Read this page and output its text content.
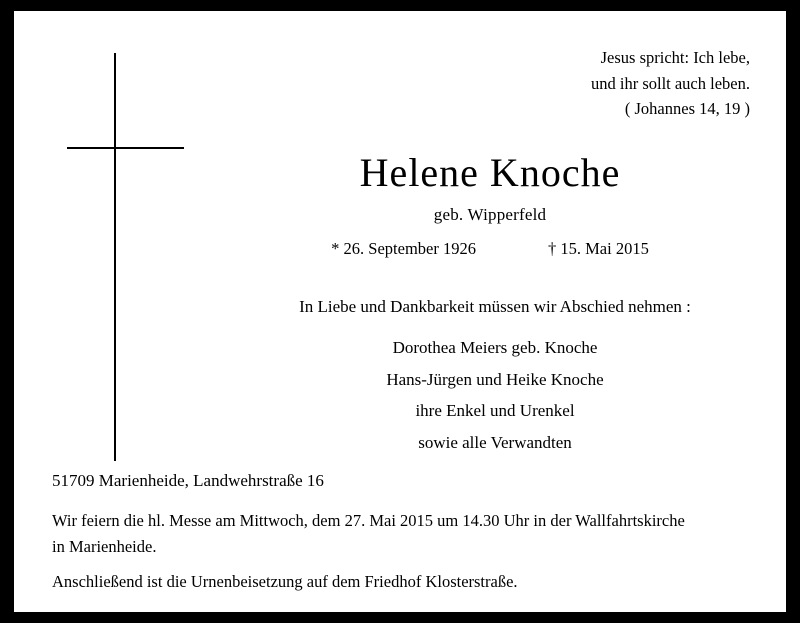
Jesus spricht: Ich lebe,
und ihr sollt auch leben.
( Johannes 14, 19 )
Helene Knoche
geb. Wipperfeld
* 26. September 1926	† 15. Mai 2015
In Liebe und Dankbarkeit müssen wir Abschied nehmen :
Dorothea Meiers geb. Knoche
Hans-Jürgen und Heike Knoche
ihre Enkel und Urenkel
sowie alle Verwandten
51709 Marienheide, Landwehrstraße 16
Wir feiern die hl. Messe am Mittwoch, dem 27. Mai 2015 um 14.30 Uhr in der Wallfahrtskirche
in Marienheide.
Anschließend ist die Urnenbeisetzung auf dem Friedhof Klosterstraße.
